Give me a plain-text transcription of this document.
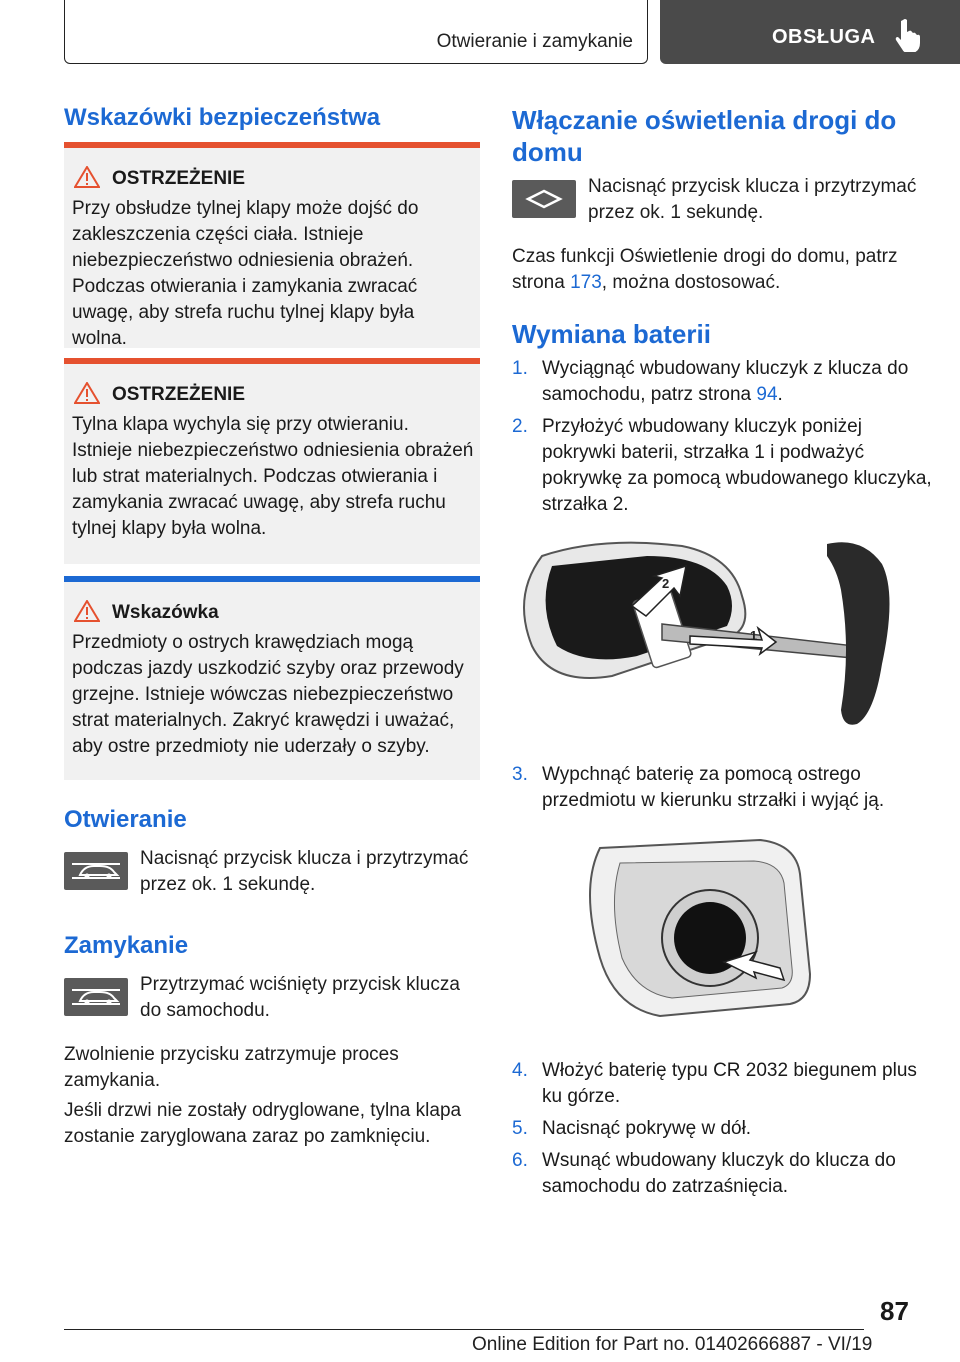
Otwieranie i zamykanie	OBSŁUGA
Wskazówki bezpieczeństwa
OSTRZEŻENIE
Przy obsłudze tylnej klapy może dojść do zakleszczenia części ciała. Istnieje niebezpieczeństwo odniesienia obrażeń. Podczas otwierania i zamykania zwracać uwagę, aby strefa ruchu tylnej klapy była wolna.
OSTRZEŻENIE
Tylna klapa wychyla się przy otwieraniu. Istnieje niebezpieczeństwo odniesienia obrażeń lub strat materialnych. Podczas otwierania i zamykania zwracać uwagę, aby strefa ruchu tylnej klapy była wolna.
Wskazówka
Przedmioty o ostrych krawędziach mogą podczas jazdy uszkodzić szyby oraz przewody grzejne. Istnieje wówczas niebezpieczeństwo strat materialnych. Zakryć krawędzi i uważać, aby ostre przedmioty nie uderzały o szyby.
Otwieranie
Nacisnąć przycisk klucza i przytrzymać przez ok. 1 sekundę.
Zamykanie
Przytrzymać wciśnięty przycisk klucza do samochodu.
Zwolnienie przycisku zatrzymuje proces zamykania.
Jeśli drzwi nie zostały odryglowane, tylna klapa zostanie zaryglowana zaraz po zamknięciu.
Włączanie oświetlenia drogi do domu
Nacisnąć przycisk klucza i przytrzymać przez ok. 1 sekundę.
Czas funkcji Oświetlenie drogi do domu, patrz strona 173, można dostosować.
Wymiana baterii
1. Wyciągnąć wbudowany kluczyk z klucza do samochodu, patrz strona 94.
2. Przyłożyć wbudowany kluczyk poniżej pokrywki baterii, strzałka 1 i podważyć pokrywkę za pomocą wbudowanego kluczyka, strzałka 2.
1
2
3. Wypchnąć baterię za pomocą ostrego przedmiotu w kierunku strzałki i wyjąć ją.
4. Włożyć baterię typu CR 2032 biegunem plus ku górze.
5. Nacisnąć pokrywę w dół.
6. Wsunąć wbudowany kluczyk do klucza do samochodu do zatrzaśnięcia.
87
Online Edition for Part no. 01402666887 - VI/19
